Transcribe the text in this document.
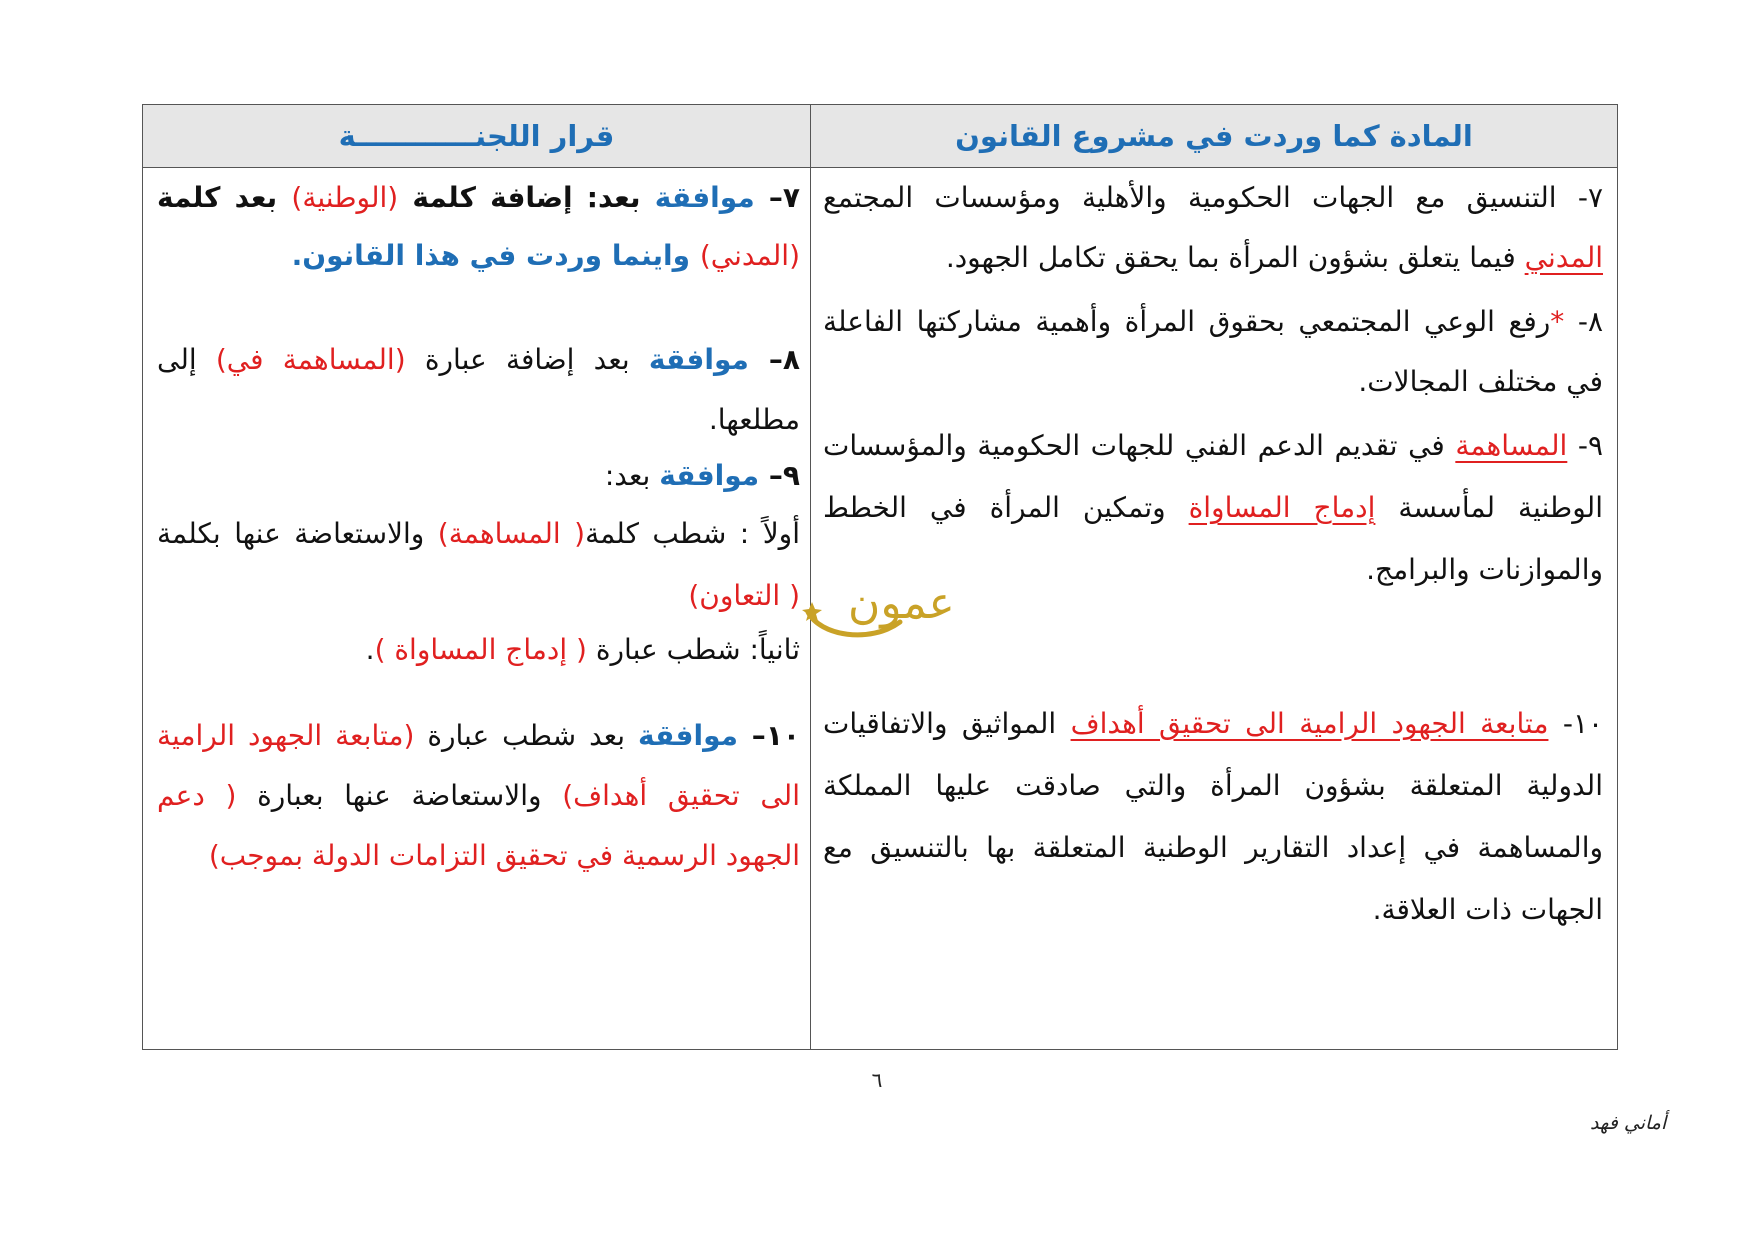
المادة كما وردت في مشروع القانون
قرار اللجنــــــــــــة
٧- التنسيق مع الجهات الحكومية والأهلية ومؤسسات المجتمع
المدني فيما يتعلق بشؤون المرأة بما يحقق تكامل الجهود.
٨- *رفع الوعي المجتمعي بحقوق المرأة وأهمية مشاركتها الفاعلة
في مختلف المجالات.
٩- المساهمة في تقديم الدعم الفني للجهات الحكومية والمؤسسات
الوطنية لمأسسة إدماج المساواة وتمكين المرأة في الخطط
والموازنات والبرامج.
١٠- متابعة الجهود الرامية الى تحقيق أهداف المواثيق والاتفاقيات
الدولية المتعلقة بشؤون المرأة والتي صادقت عليها المملكة
والمساهمة في إعداد التقارير الوطنية المتعلقة بها بالتنسيق مع
الجهات ذات العلاقة.
٧– موافقة بعد: إضافة كلمة (الوطنية) بعد كلمة
(المدني) واينما وردت في هذا القانون.
٨– موافقة بعد إضافة عبارة (المساهمة في) إلى
مطلعها.
٩– موافقة بعد:
أولاً : شطب كلمة( المساهمة) والاستعاضة عنها بكلمة
( التعاون)
ثانياً: شطب عبارة ( إدماج المساواة ).
١٠– موافقة بعد شطب عبارة (متابعة الجهود الرامية
الى تحقيق أهداف) والاستعاضة عنها بعبارة ( دعم
الجهود الرسمية في تحقيق التزامات الدولة بموجب)
عمون
٦
أماني فهد
